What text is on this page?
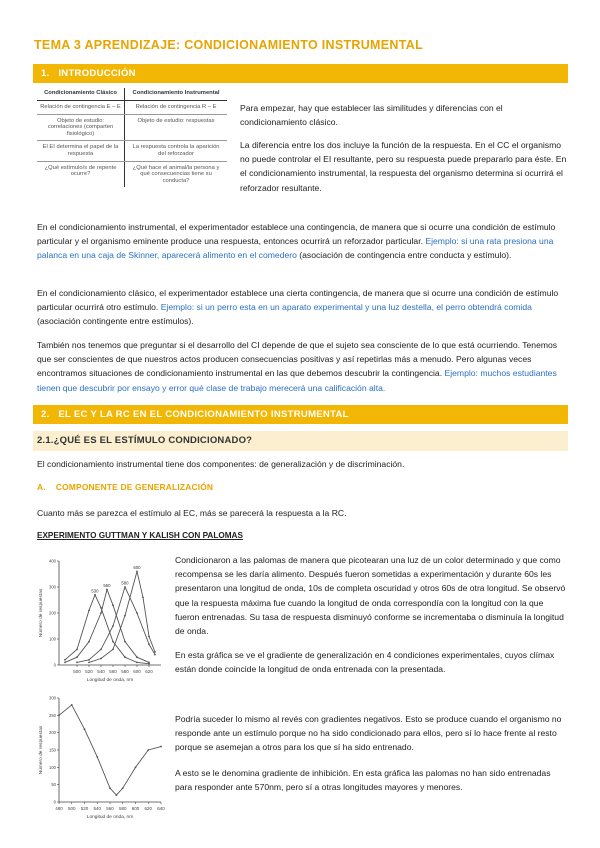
TEMA 3 APRENDIZAJE: CONDICIONAMIENTO INSTRUMENTAL
1. INTRODUCCIÓN
Condicionamiento Clásico	Condicionamiento Instrumental
Relación de contingencia E – E	Relación de contingencia R – E
Objeto de estudio: correlaciones (comparten fisiológico)	Objeto de estudio: respuestas
El EI determina el papel de la respuesta	La respuesta controla la aparición del reforzador
¿Qué estímulo/s de repente ocurre?	¿Qué hace el animal/la persona y qué consecuencias tiene su conducta?
Para empezar, hay que establecer las similitudes y diferencias con el condicionamiento clásico.
La diferencia entre los dos incluye la función de la respuesta. En el CC el organismo no puede controlar el EI resultante, pero su respuesta puede prepararlo para éste. En el condicionamiento instrumental, la respuesta del organismo determina si ocurrirá el reforzador resultante.
En el condicionamiento instrumental, el experimentador establece una contingencia, de manera que si ocurre una condición de estímulo particular y el organismo eminente produce una respuesta, entonces ocurrirá un reforzador particular. Ejemplo: si una rata presiona una palanca en una caja de Skinner, aparecerá alimento en el comedero (asociación de contingencia entre conducta y estímulo).
En el condicionamiento clásico, el experimentador establece una cierta contingencia, de manera que si ocurre una condición de estímulo particular ocurrirá otro estímulo. Ejemplo: si un perro esta en un aparato experimental y una luz destella, el perro obtendrá comida (asociación contingente entre estímulos).
También nos tenemos que preguntar si el desarrollo del CI depende de que el sujeto sea consciente de lo que está ocurriendo. Tenemos que ser conscientes de que nuestros actos producen consecuencias positivas y así repetirlas más a menudo. Pero algunas veces encontramos situaciones de condicionamiento instrumental en las que debemos descubrir la contingencia. Ejemplo: muchos estudiantes tienen que descubrir por ensayo y error qué clase de trabajo merecerá una calificación alta.
2. EL EC Y LA RC EN EL CONDICIONAMIENTO INSTRUMENTAL
2.1.¿QUÉ ES EL ESTÍMULO CONDICIONADO?
El condicionamiento instrumental tiene dos componentes: de generalización y de discriminación.
A. COMPONENTE DE GENERALIZACIÓN
Cuanto más se parezca el estímulo al EC, más se parecerá la respuesta a la RC.
EXPERIMENTO GUTTMAN Y KALISH CON PALOMAS
500 520 540 560 580 600 620
0
100
200
300
400
Longitud de onda, nm
Número de respuestas	530
550
580
600
480 500 520 540 560 580 600 620 640
0
50
100
150
200
250
300
Longitud de onda, nm
Número de respuestas
Condicionaron a las palomas de manera que picotearan una luz de un color determinado y que como recompensa se les daría alimento. Después fueron sometidas a experimentación y durante 60s les presentaron una longitud de onda, 10s de completa oscuridad y otros 60s de otra longitud. Se observó que la respuesta máxima fue cuando la longitud de onda correspondía con la longitud con la que fueron entrenadas. Su tasa de respuesta disminuyó conforme se incrementaba o disminuía la longitud de onda.
En esta gráfica se ve el gradiente de generalización en 4 condiciones experimentales, cuyos clímax están donde coincide la longitud de onda entrenada con la presentada.
Podría suceder lo mismo al revés con gradientes negativos. Esto se produce cuando el organismo no responde ante un estímulo porque no ha sido condicionado para ellos, pero sí lo hace frente al resto porque se asemejan a otros para los que sí ha sido entrenado.
A esto se le denomina gradiente de inhibición. En esta gráfica las palomas no han sido entrenadas para responder ante 570nm, pero sí a otras longitudes mayores y menores.
